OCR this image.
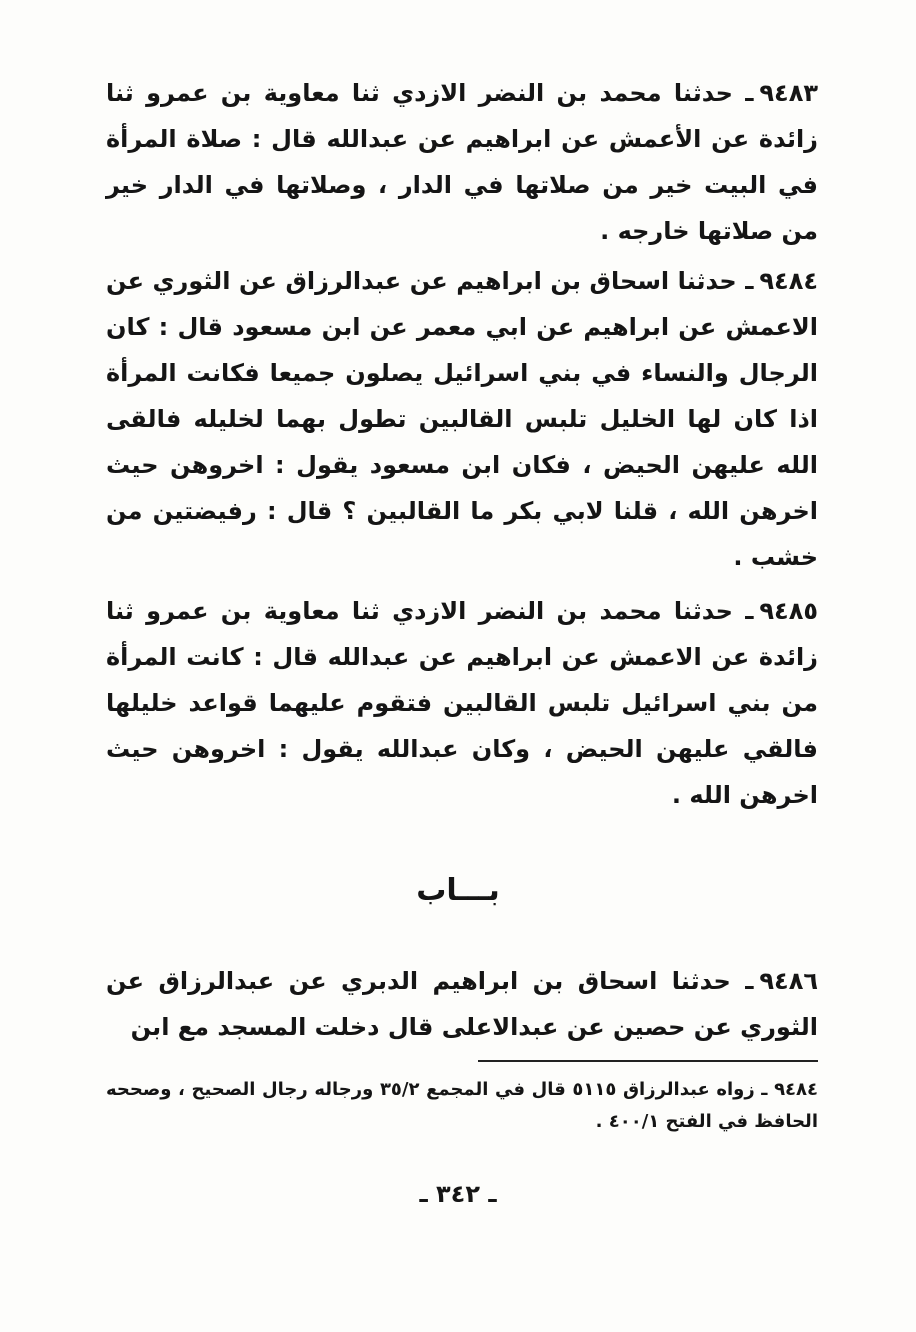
٩٤٨٣ـ حدثنا محمد بن النضر الازدي ثنا معاوية بن عمرو ثنا زائدة عن الأعمش عن ابراهيم عن عبدالله قال : صلاة المرأة في البيت خير من صلاتها في الدار ، وصلاتها في الدار خير من صلاتها خارجه .

٩٤٨٤ـ حدثنا اسحاق بن ابراهيم عن عبدالرزاق عن الثوري عن الاعمش عن ابراهيم عن ابي معمر عن ابن مسعود قال : كان الرجال والنساء في بني اسرائيل يصلون جميعا فكانت المرأة اذا كان لها الخليل تلبس القالبين تطول بهما لخليله فالقى الله عليهن الحيض ، فكان ابن مسعود يقول : اخروهن حيث اخرهن الله ، قلنا لابي بكر ما القالبين ؟ قال : رفيضتين من خشب .

٩٤٨٥ـ حدثنا محمد بن النضر الازدي ثنا معاوية بن عمرو ثنا زائدة عن الاعمش عن ابراهيم عن عبدالله قال : كانت المرأة من بني اسرائيل تلبس القالبين فتقوم عليهما قواعد خليلها فالقي عليهن الحيض ، وكان عبدالله يقول : اخروهن حيث اخرهن الله .

بـــاب

٩٤٨٦ـ حدثنا اسحاق بن ابراهيم الدبري عن عبدالرزاق عن الثوري عن حصين عن عبدالاعلى قال دخلت المسجد مع ابن

٩٤٨٤ ـ زواه عبدالرزاق ٥١١٥ قال في المجمع ٣٥/٢ ورجاله رجال الصحيح ، وصححه الحافظ في الفتح ٤٠٠/١ .
ـ ٣٤٢ ـ
